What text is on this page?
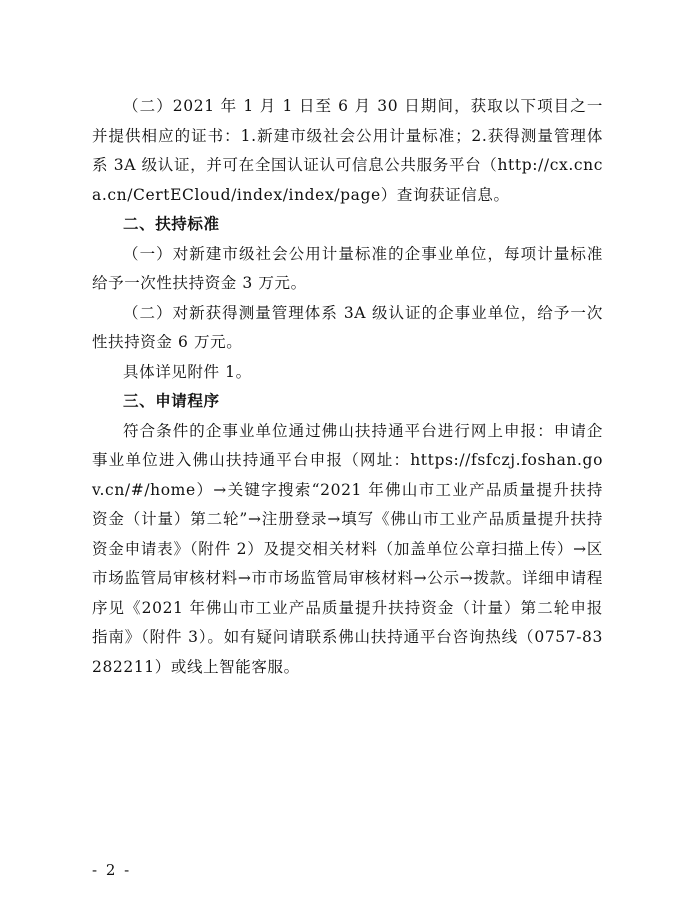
（二）2021 年 1 月 1 日至 6 月 30 日期间，获取以下项目之一并提供相应的证书：1.新建市级社会公用计量标准；2.获得测量管理体系 3A 级认证，并可在全国认证认可信息公共服务平台（http://cx.cnca.cn/CertECloud/index/index/page）查询获证信息。

二、扶持标准

（一）对新建市级社会公用计量标准的企事业单位，每项计量标准给予一次性扶持资金 3 万元。

（二）对新获得测量管理体系 3A 级认证的企事业单位，给予一次性扶持资金 6 万元。

具体详见附件 1。

三、申请程序

符合条件的企事业单位通过佛山扶持通平台进行网上申报：申请企事业单位进入佛山扶持通平台申报（网址：https://fsfczj.foshan.gov.cn/#/home）→关键字搜索“2021 年佛山市工业产品质量提升扶持资金（计量）第二轮”→注册登录→填写《佛山市工业产品质量提升扶持资金申请表》（附件 2）及提交相关材料（加盖单位公章扫描上传）→区市场监管局审核材料→市市场监管局审核材料→公示→拨款。详细申请程序见《2021 年佛山市工业产品质量提升扶持资金（计量）第二轮申报指南》（附件 3）。如有疑问请联系佛山扶持通平台咨询热线（0757-83282211）或线上智能客服。

- 2 -
